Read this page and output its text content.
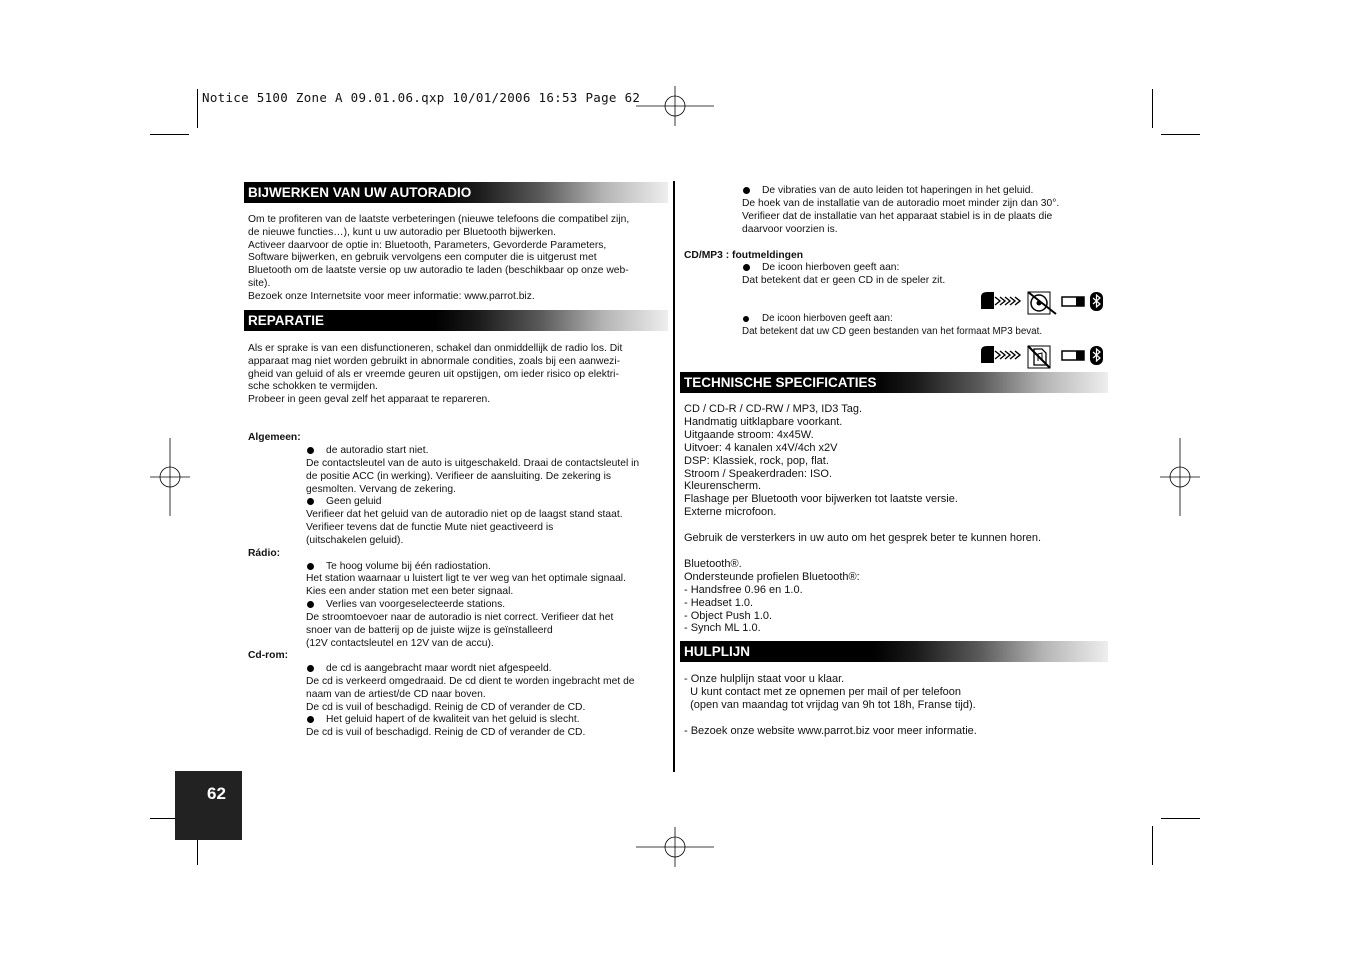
Notice 5100 Zone A 09.01.06.qxp 10/01/2006 16:53 Page 62
BIJWERKEN VAN UW AUTORADIO
Om te profiteren van de laatste verbeteringen (nieuwe telefoons die compatibel zijn,
de nieuwe functies…), kunt u uw autoradio per Bluetooth bijwerken.
Activeer daarvoor de optie in: Bluetooth, Parameters, Gevorderde Parameters,
Software bijwerken, en gebruik vervolgens een computer die is uitgerust met
Bluetooth om de laatste versie op uw autoradio te laden (beschikbaar op onze web-
site).
Bezoek onze Internetsite voor meer informatie: www.parrot.biz.
REPARATIE
Als er sprake is van een disfunctioneren, schakel dan onmiddellijk de radio los. Dit
apparaat mag niet worden gebruikt in abnormale condities, zoals bij een aanwezi-
gheid van geluid of als er vreemde geuren uit opstijgen, om ieder risico op elektri-
sche schokken te vermijden.
Probeer in geen geval zelf het apparaat te repareren.
Algemeen:
de autoradio start niet.
De contactsleutel van de auto is uitgeschakeld. Draai de contactsleutel in
de positie ACC (in werking). Verifieer de aansluiting. De zekering is
gesmolten. Vervang de zekering.
Geen geluid
Verifieer dat het geluid van de autoradio niet op de laagst stand staat.
Verifieer tevens dat de functie Mute niet geactiveerd is
(uitschakelen geluid).
Rádio:
Te hoog volume bij één radiostation.
Het station waarnaar u luistert ligt te ver weg van het optimale signaal.
Kies een ander station met een beter signaal.
Verlies van voorgeselecteerde stations.
De stroomtoevoer naar de autoradio is niet correct. Verifieer dat het
snoer van de batterij op de juiste wijze is geïnstalleerd
(12V contactsleutel en 12V van de accu).
Cd-rom:
de cd is aangebracht maar wordt niet afgespeeld.
De cd is verkeerd omgedraaid. De cd dient te worden ingebracht met de
naam van de artiest/de CD naar boven.
De cd is vuil of beschadigd. Reinig de CD of verander de CD.
Het geluid hapert of de kwaliteit van het geluid is slecht.
De cd is vuil of beschadigd. Reinig de CD of verander de CD.
De vibraties van de auto leiden tot haperingen in het geluid.
De hoek van de installatie van de autoradio moet minder zijn dan 30°.
Verifieer dat de installatie van het apparaat stabiel is in de plaats die
daarvoor voorzien is.
CD/MP3 : foutmeldingen
De icoon hierboven geeft aan:
Dat betekent dat er geen CD in de speler zit.
De icoon hierboven geeft aan:
Dat betekent dat uw CD geen bestanden van het formaat MP3 bevat.
TECHNISCHE SPECIFICATIES
CD / CD-R / CD-RW / MP3, ID3 Tag.
Handmatig uitklapbare voorkant.
Uitgaande stroom: 4x45W.
Uitvoer: 4 kanalen x4V/4ch x2V
DSP: Klassiek, rock, pop, flat.
Stroom / Speakerdraden: ISO.
Kleurenscherm.
Flashage per Bluetooth voor bijwerken tot laatste versie.
Externe microfoon.

Gebruik de versterkers in uw auto om het gesprek beter te kunnen horen.

Bluetooth®.
Ondersteunde profielen Bluetooth®:
- Handsfree 0.96 en 1.0.
- Headset 1.0.
- Object Push 1.0.
- Synch ML 1.0.
HULPLIJN
- Onze hulplijn staat voor u klaar.
U kunt contact met ze opnemen per mail of per telefoon
(open van maandag tot vrijdag van 9h tot 18h, Franse tijd).

- Bezoek onze website www.parrot.biz voor meer informatie.
62
